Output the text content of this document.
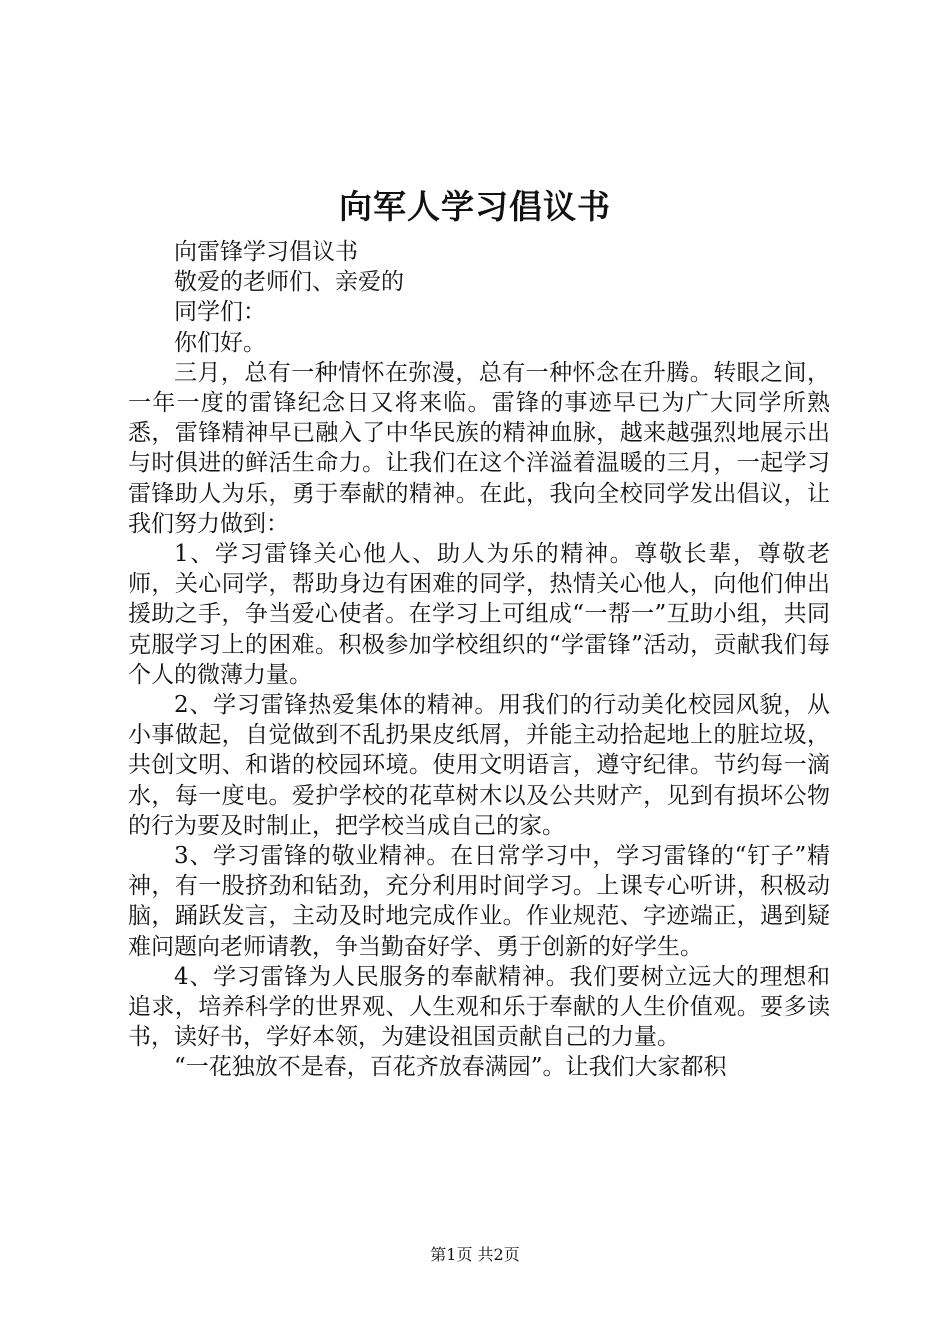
向军人学习倡议书

向雷锋学习倡议书

敬爱的老师们、亲爱的

同学们：

你们好。

三月，总有一种情怀在弥漫，总有一种怀念在升腾。转眼之间，一年一度的雷锋纪念日又将来临。雷锋的事迹早已为广大同学所熟悉，雷锋精神早已融入了中华民族的精神血脉，越来越强烈地展示出与时俱进的鲜活生命力。让我们在这个洋溢着温暖的三月，一起学习雷锋助人为乐，勇于奉献的精神。在此，我向全校同学发出倡议，让我们努力做到：

1、学习雷锋关心他人、助人为乐的精神。尊敬长辈，尊敬老师，关心同学，帮助身边有困难的同学，热情关心他人，向他们伸出援助之手，争当爱心使者。在学习上可组成“一帮一”互助小组，共同克服学习上的困难。积极参加学校组织的“学雷锋”活动，贡献我们每个人的微薄力量。

2、学习雷锋热爱集体的精神。用我们的行动美化校园风貌，从小事做起，自觉做到不乱扔果皮纸屑，并能主动拾起地上的脏垃圾，共创文明、和谐的校园环境。使用文明语言，遵守纪律。节约每一滴水，每一度电。爱护学校的花草树木以及公共财产，见到有损坏公物的行为要及时制止，把学校当成自己的家。

3、学习雷锋的敬业精神。在日常学习中，学习雷锋的“钉子”精神，有一股挤劲和钻劲，充分利用时间学习。上课专心听讲，积极动脑，踊跃发言，主动及时地完成作业。作业规范、字迹端正，遇到疑难问题向老师请教，争当勤奋好学、勇于创新的好学生。

4、学习雷锋为人民服务的奉献精神。我们要树立远大的理想和追求，培养科学的世界观、人生观和乐于奉献的人生价值观。要多读书，读好书，学好本领，为建设祖国贡献自己的力量。

“一花独放不是春，百花齐放春满园”。让我们大家都积

第1页 共2页
